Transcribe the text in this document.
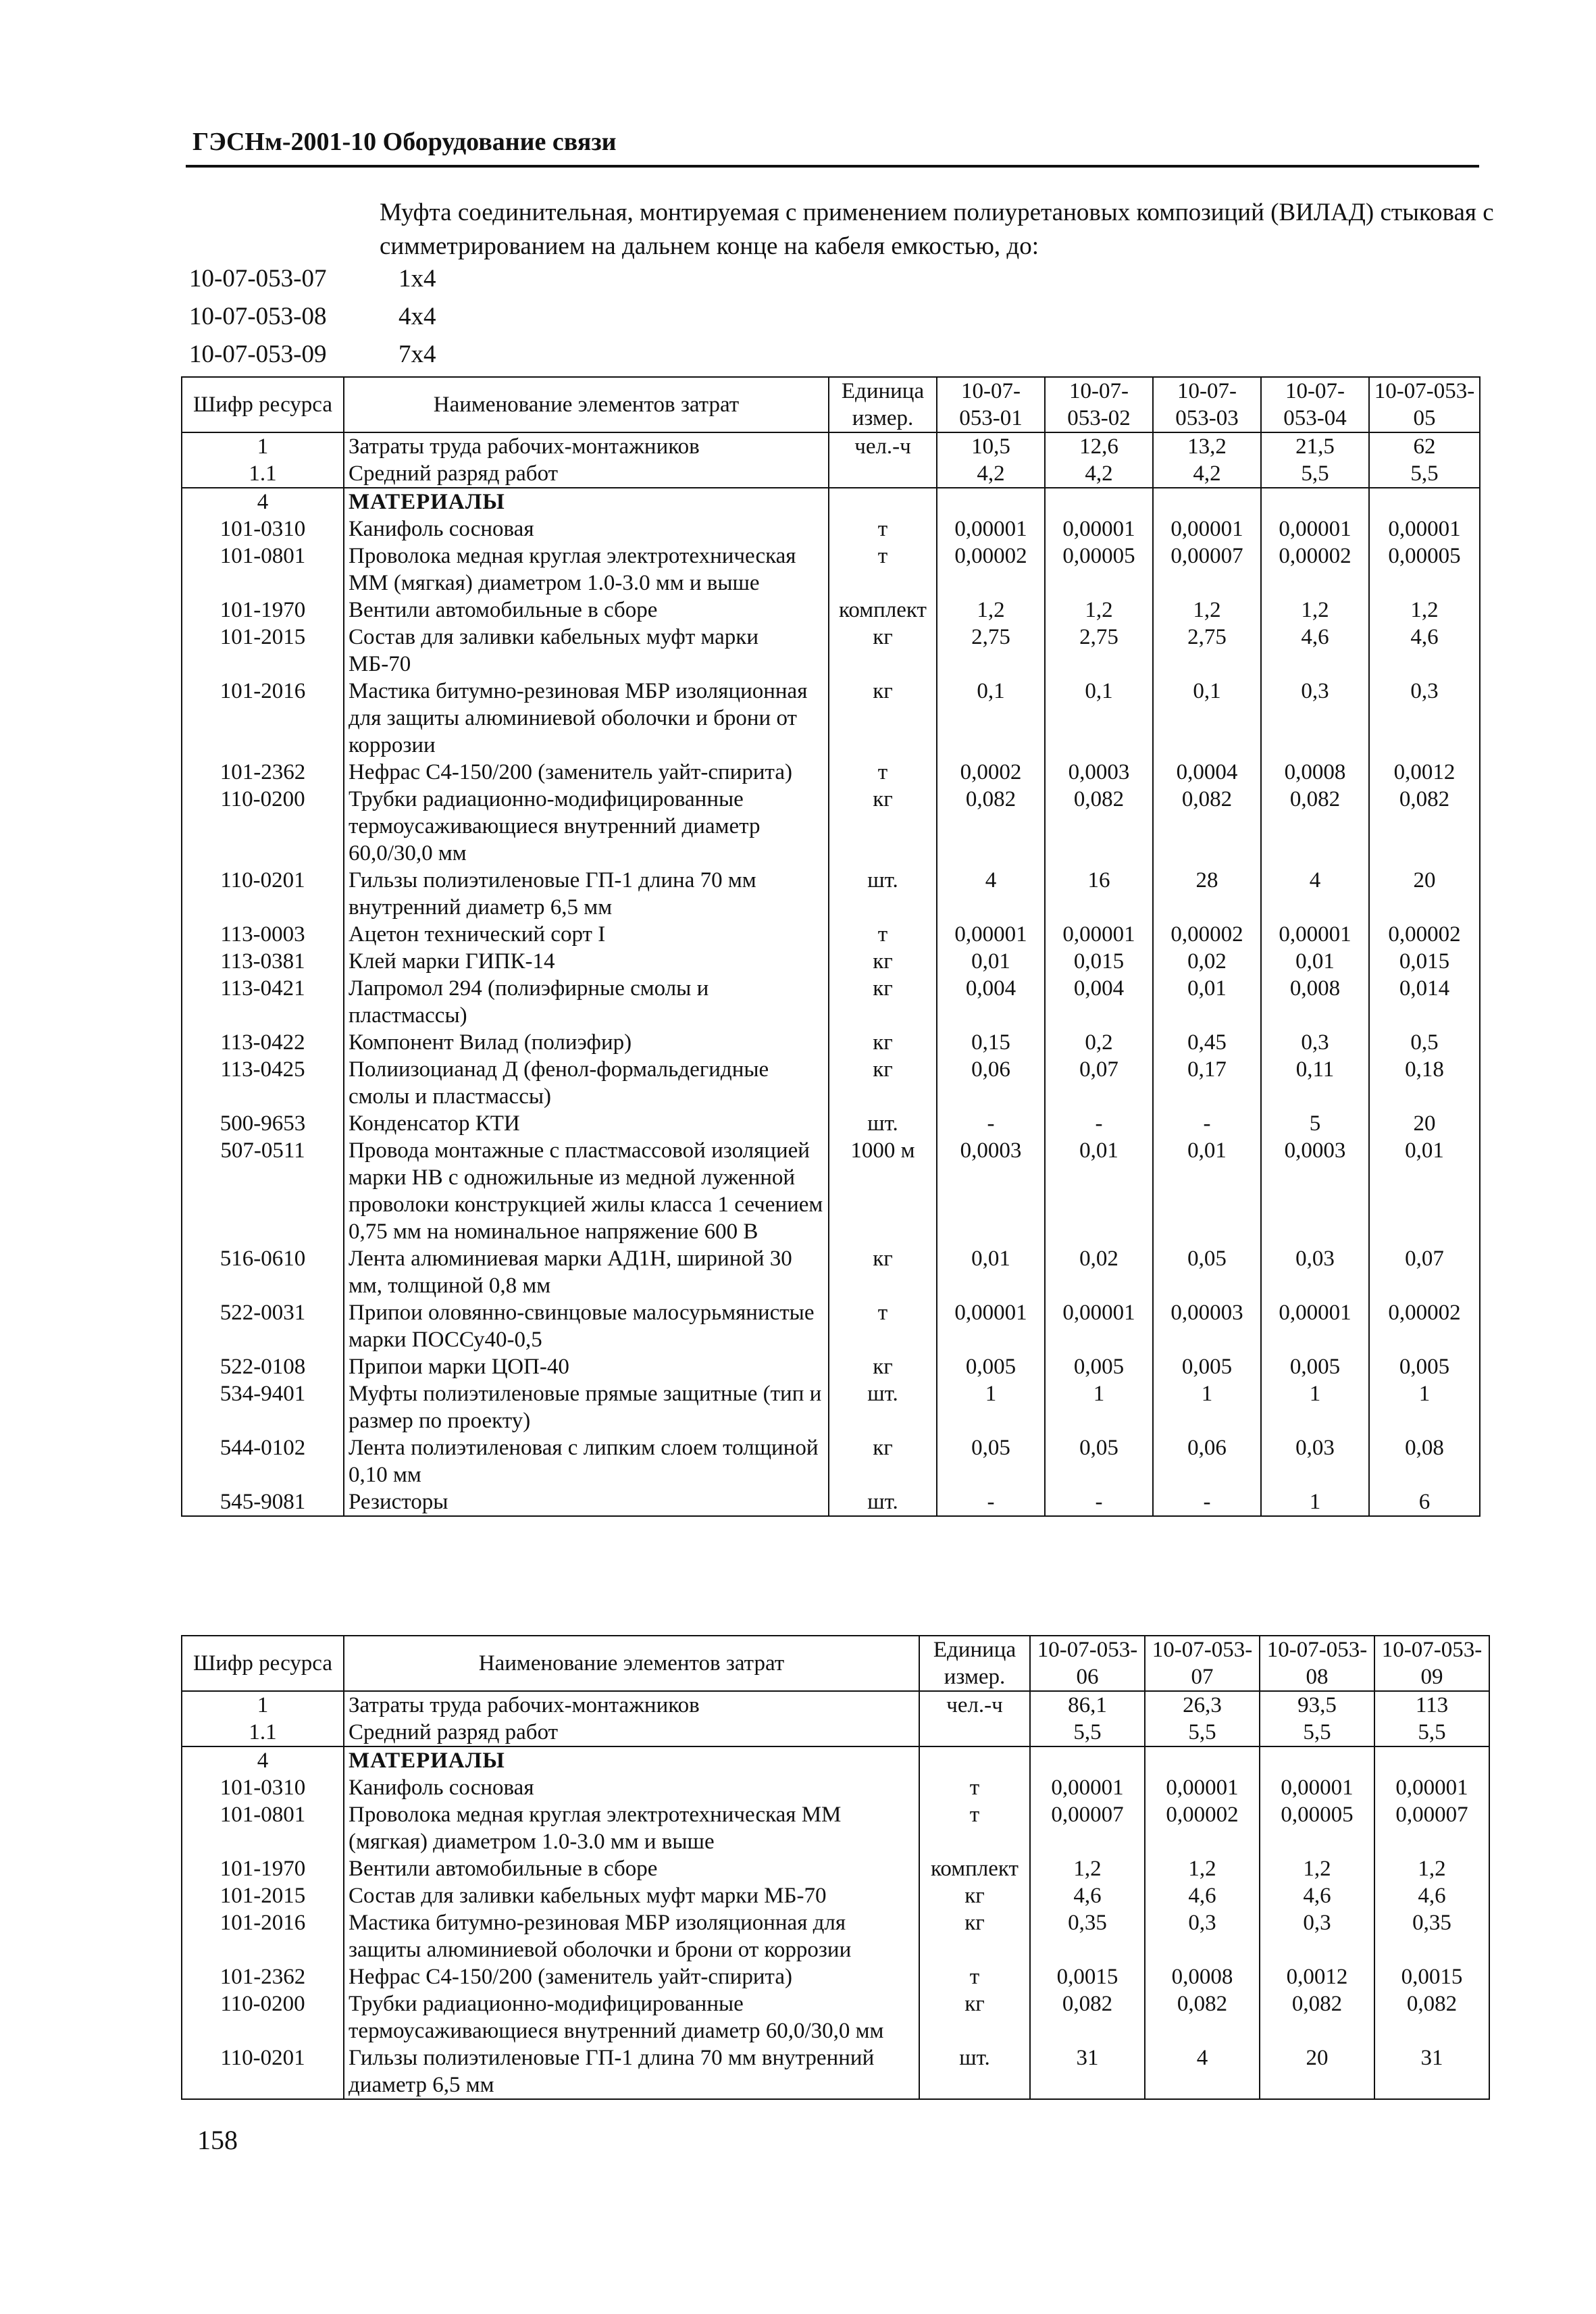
ГЭСНм-2001-10 Оборудование связи
Муфта соединительная, монтируемая с применением полиуретановых композиций (ВИЛАД) стыковая с симметрированием на дальнем конце на кабеля емкостью, до:
10-07-053-07	1x4
10-07-053-08	4x4
10-07-053-09	7x4
Шифр ресурса	Наименование элементов затрат	Единица измер.	10-07-053-01	10-07-053-02	10-07-053-03	10-07-053-04	10-07-053-05
1	Затраты труда рабочих-монтажников	чел.-ч	10,5	12,6	13,2	21,5	62
1.1	Средний разряд работ		4,2	4,2	4,2	5,5	5,5
4	МАТЕРИАЛЫ						
101-0310	Канифоль сосновая	т	0,00001	0,00001	0,00001	0,00001	0,00001
101-0801	Проволока медная круглая электротехническая ММ (мягкая) диаметром 1.0-3.0 мм и выше	т	0,00002	0,00005	0,00007	0,00002	0,00005
101-1970	Вентили автомобильные в сборе	комплект	1,2	1,2	1,2	1,2	1,2
101-2015	Состав для заливки кабельных муфт марки МБ-70	кг	2,75	2,75	2,75	4,6	4,6
101-2016	Мастика битумно-резиновая МБР изоляционная для защиты алюминиевой оболочки и брони от коррозии	кг	0,1	0,1	0,1	0,3	0,3
101-2362	Нефрас С4-150/200 (заменитель уайт-спирита)	т	0,0002	0,0003	0,0004	0,0008	0,0012
110-0200	Трубки радиационно-модифицированные термоусаживающиеся внутренний диаметр 60,0/30,0 мм	кг	0,082	0,082	0,082	0,082	0,082
110-0201	Гильзы полиэтиленовые ГП-1 длина 70 мм внутренний диаметр 6,5 мм	шт.	4	16	28	4	20
113-0003	Ацетон технический сорт I	т	0,00001	0,00001	0,00002	0,00001	0,00002
113-0381	Клей марки ГИПК-14	кг	0,01	0,015	0,02	0,01	0,015
113-0421	Лапромол 294 (полиэфирные смолы и пластмассы)	кг	0,004	0,004	0,01	0,008	0,014
113-0422	Компонент Вилад (полиэфир)	кг	0,15	0,2	0,45	0,3	0,5
113-0425	Полиизоцианад Д (фенол-формальдегидные смолы и пластмассы)	кг	0,06	0,07	0,17	0,11	0,18
500-9653	Конденсатор КТИ	шт.	-	-	-	5	20
507-0511	Провода монтажные с пластмассовой изоляцией марки НВ с одножильные из медной луженной проволоки конструкцией жилы класса 1 сечением 0,75 мм на номинальное напряжение 600 В	1000 м	0,0003	0,01	0,01	0,0003	0,01
516-0610	Лента алюминиевая марки АД1Н, шириной 30 мм, толщиной 0,8 мм	кг	0,01	0,02	0,05	0,03	0,07
522-0031	Припои оловянно-свинцовые малосурьмянистые марки ПОССу40-0,5	т	0,00001	0,00001	0,00003	0,00001	0,00002
522-0108	Припои марки ЦОП-40	кг	0,005	0,005	0,005	0,005	0,005
534-9401	Муфты полиэтиленовые прямые защитные (тип и размер по проекту)	шт.	1	1	1	1	1
544-0102	Лента полиэтиленовая с липким слоем толщиной 0,10 мм	кг	0,05	0,05	0,06	0,03	0,08
545-9081	Резисторы	шт.	-	-	-	1	6
Шифр ресурса	Наименование элементов затрат	Единица измер.	10-07-053-06	10-07-053-07	10-07-053-08	10-07-053-09
1	Затраты труда рабочих-монтажников	чел.-ч	86,1	26,3	93,5	113
1.1	Средний разряд работ		5,5	5,5	5,5	5,5
4	МАТЕРИАЛЫ					
101-0310	Канифоль сосновая	т	0,00001	0,00001	0,00001	0,00001
101-0801	Проволока медная круглая электротехническая ММ (мягкая) диаметром 1.0-3.0 мм и выше	т	0,00007	0,00002	0,00005	0,00007
101-1970	Вентили автомобильные в сборе	комплект	1,2	1,2	1,2	1,2
101-2015	Состав для заливки кабельных муфт марки МБ-70	кг	4,6	4,6	4,6	4,6
101-2016	Мастика битумно-резиновая МБР изоляционная для защиты алюминиевой оболочки и брони от коррозии	кг	0,35	0,3	0,3	0,35
101-2362	Нефрас С4-150/200 (заменитель уайт-спирита)	т	0,0015	0,0008	0,0012	0,0015
110-0200	Трубки радиационно-модифицированные термоусаживающиеся внутренний диаметр 60,0/30,0 мм	кг	0,082	0,082	0,082	0,082
110-0201	Гильзы полиэтиленовые ГП-1 длина 70 мм внутренний диаметр 6,5 мм	шт.	31	4	20	31
158
